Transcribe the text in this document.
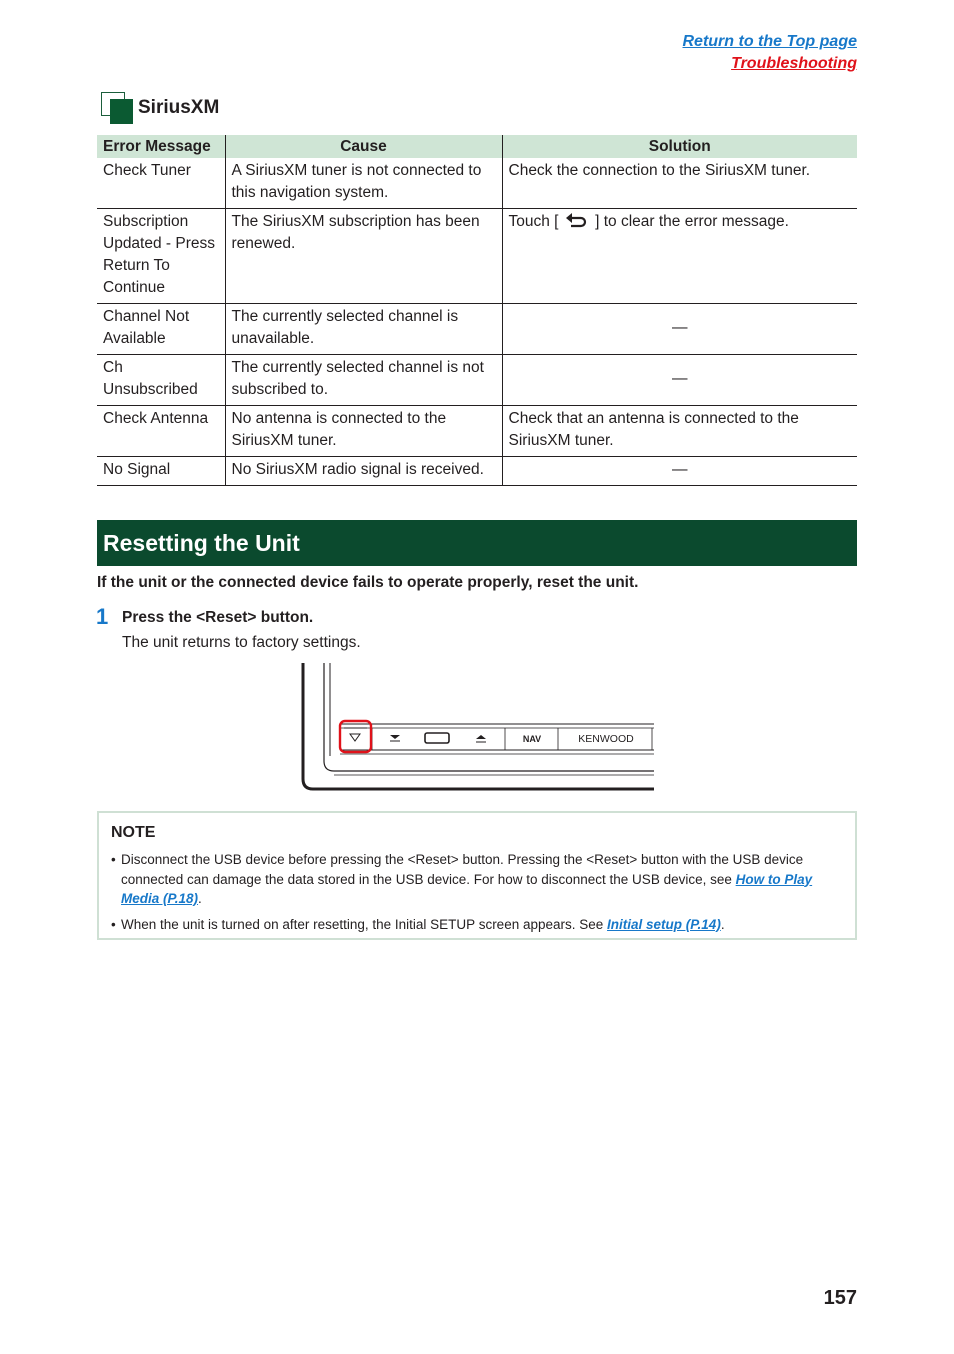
Return to the Top page
Troubleshooting
SiriusXM
Error Message	Cause	Solution
Check Tuner	A SiriusXM tuner is not connected to this navigation system.	Check the connection to the SiriusXM tuner.
Subscription Updated - Press Return To Continue	The SiriusXM subscription has been renewed.	Touch [ ] to clear the error message.
Channel Not Available	The currently selected channel is unavailable.	—
Ch Unsubscribed	The currently selected channel is not subscribed to.	—
Check Antenna	No antenna is connected to the SiriusXM tuner.	Check that an antenna is connected to the SiriusXM tuner.
No Signal	No SiriusXM radio signal is received.	—
Resetting the Unit
If the unit or the connected device fails to operate properly, reset the unit.
1 Press the <Reset> button.
The unit returns to factory settings.
NAV	KENWOOD
NOTE
• Disconnect the USB device before pressing the <Reset> button. Pressing the <Reset> button with the USB device connected can damage the data stored in the USB device. For how to disconnect the USB device, see How to Play Media (P.18).
• When the unit is turned on after resetting, the Initial SETUP screen appears. See Initial setup (P.14).
157
